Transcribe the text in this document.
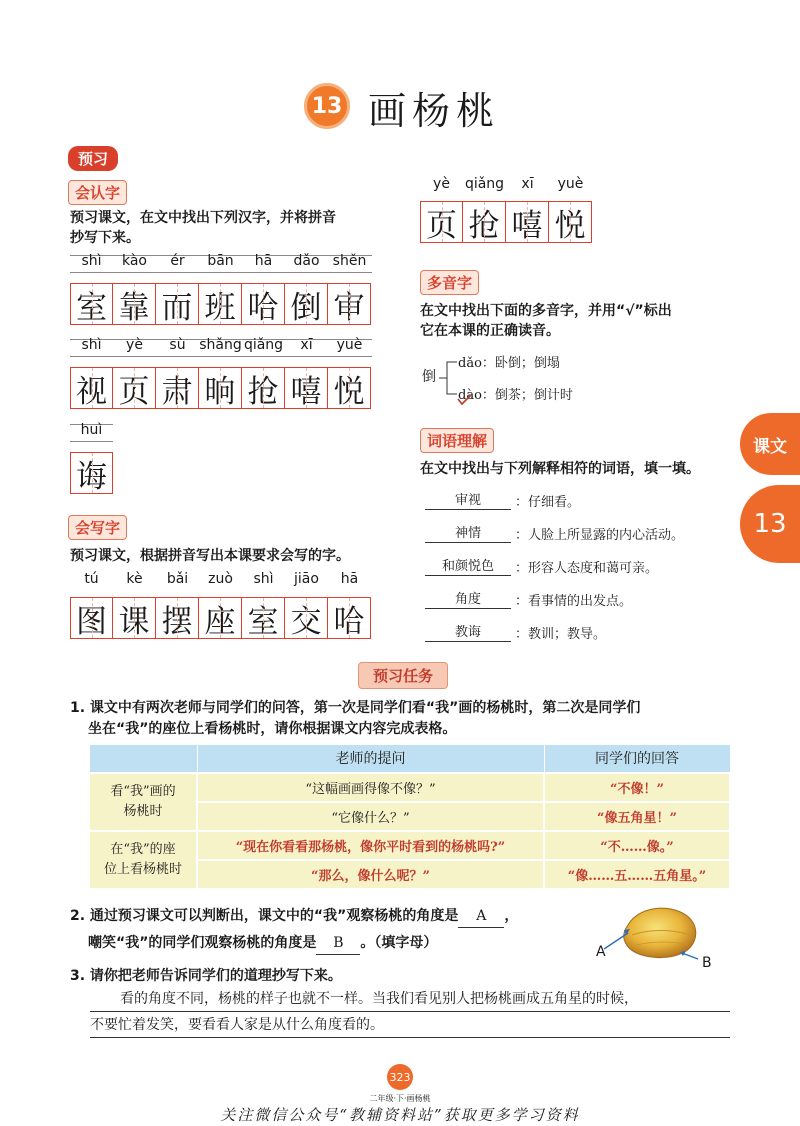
13 画杨桃
预习
会认字
预习课文，在文中找出下列汉字，并将拼音
抄写下来。
shì	kào	ér	bān	hā	dǎo shěn
室 靠 而 班 哈 倒 审
shì	yè	sù shǎng qiǎng	xī	yuè
视 页 肃 晌 抢 嘻 悦
huì
诲
会写字
预习课文，根据拼音写出本课要求会写的字。
tú	kè	bǎi	zuò	shì	jiāo	hā
图 课 摆 座 室 交 哈
yè	qiǎng	xī	yuè
页 抢 嘻 悦
多音字
在文中找出下面的多音字，并用“√”标出
它在本课的正确读音。
倒
dǎo：卧倒；倒塌
dào：倒茶；倒计时
词语理解
在文中找出与下列解释相符的词语，填一填。
审视	：仔细看。
神情	：人脸上所显露的内心活动。
和颜悦色	：形容人态度和蔼可亲。
角度	：看事情的出发点。
教诲	：教训；教导。
课文
13
预习任务
1. 课文中有两次老师与同学们的问答，第一次是同学们看“我”画的杨桃时，第二次是同学们
坐在“我”的座位上看杨桃时，请你根据课文内容完成表格。
	老师的提问	同学们的回答

看“我”画的
杨桃时	“这幅画画得像不像？”	“不像！”
	“它像什么？”	“像五角星！”

在“我”的座
位上看杨桃时	“现在你看看那杨桃，像你平时看到的杨桃吗?”	“不……像。”
	“那么，像什么呢？”	“像……五……五角星。”
2. 通过预习课文可以判断出，课文中的“我”观察杨桃的角度是 A ，
嘲笑“我”的同学们观察杨桃的角度是 B 。（填字母）
A
B
3. 请你把老师告诉同学们的道理抄写下来。
看的角度不同，杨桃的样子也就不一样。当我们看见别人把杨桃画成五角星的时候，
不要忙着发笑，要看看人家是从什么角度看的。
323
二年级·下·画杨桃
关注微信公众号“教辅资料站”获取更多学习资料
